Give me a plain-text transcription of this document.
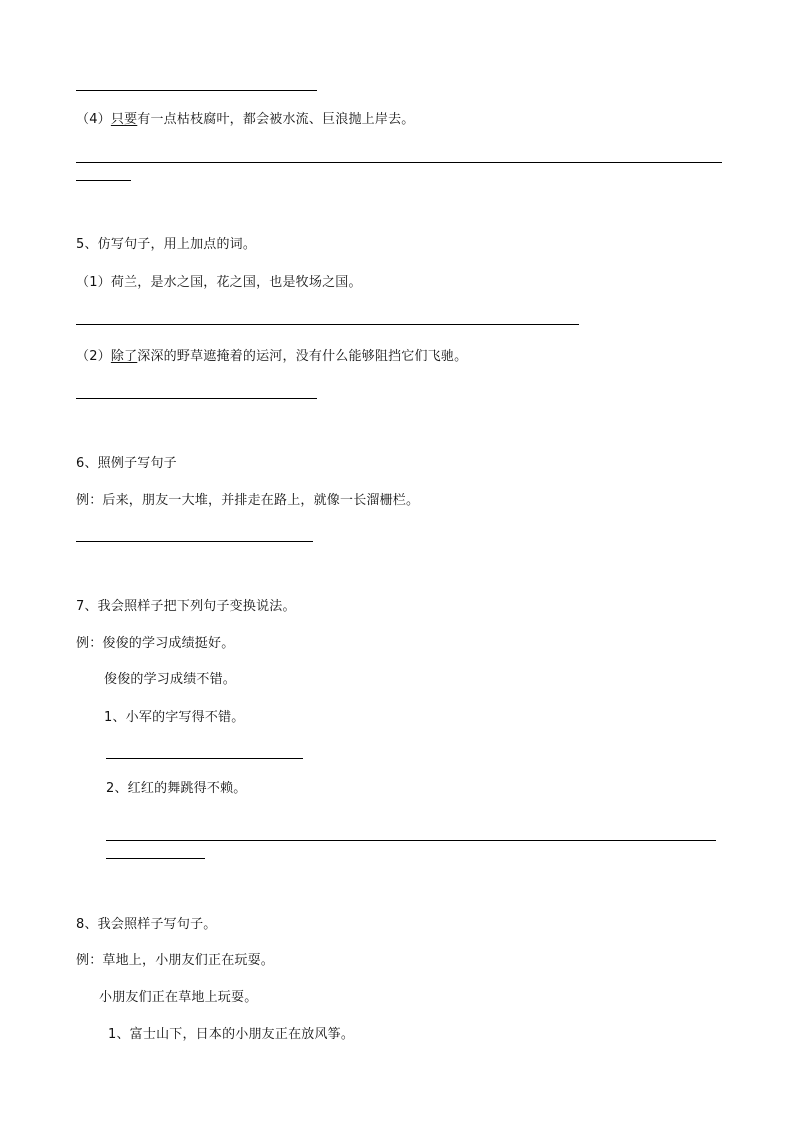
（4）只要有一点枯枝腐叶，都会被水流、巨浪抛上岸去。
5、仿写句子，用上加点的词。
（1）荷兰，是水之国，花之国，也是牧场之国。
（2）除了深深的野草遮掩着的运河，没有什么能够阻挡它们飞驰。
6、照例子写句子
例：后来，朋友一大堆，并排走在路上，就像一长溜栅栏。
7、我会照样子把下列句子变换说法。
例：俊俊的学习成绩挺好。
俊俊的学习成绩不错。
1、小军的字写得不错。
2、红红的舞跳得不赖。
8、我会照样子写句子。
例：草地上，小朋友们正在玩耍。
小朋友们正在草地上玩耍。
1、富士山下，日本的小朋友正在放风筝。
